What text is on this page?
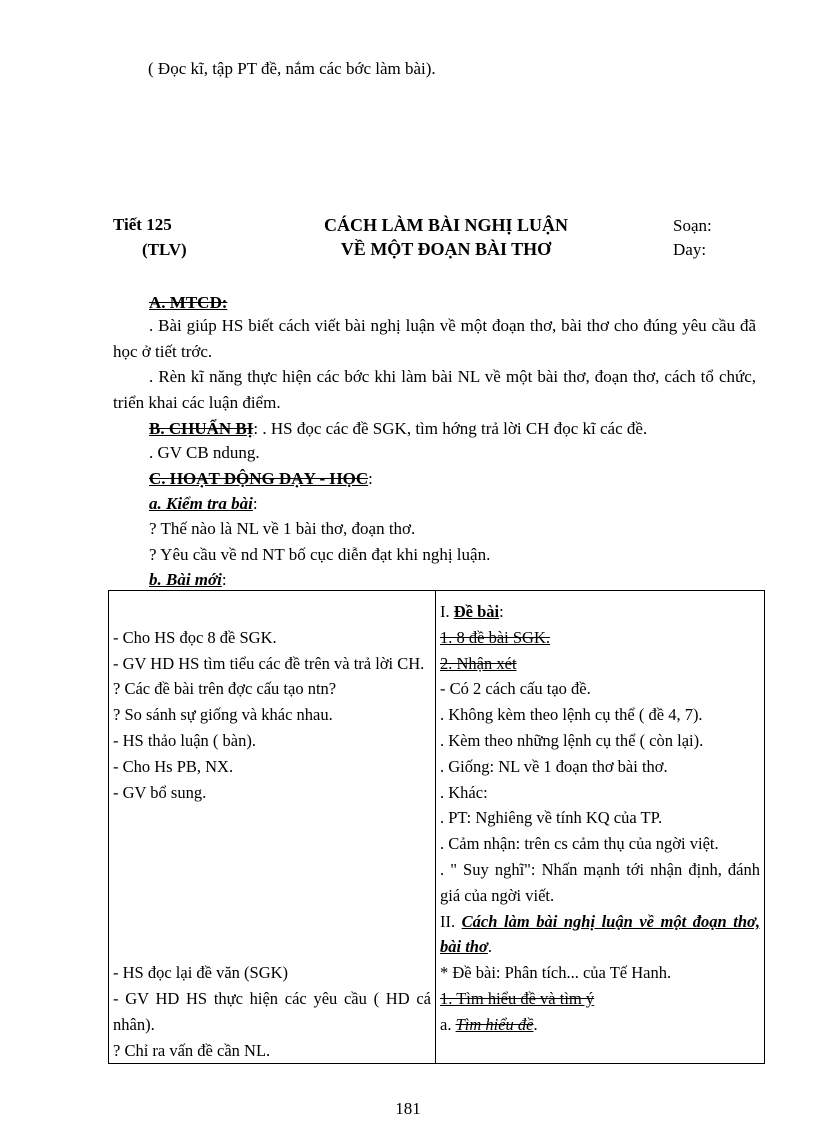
( Đọc kĩ, tập PT đề, nắm các bớc làm bài).
Tiết 125
(TLV)
CÁCH LÀM BÀI NGHỊ LUẬN
VỀ MỘT ĐOẠN BÀI THƠ
Soạn:
Day:
A. MTCĐ:
. Bài giúp HS biết cách viết bài nghị luận về một đoạn thơ, bài thơ cho đúng yêu cầu đã học ở tiết trớc.
. Rèn kĩ năng thực hiện các bớc khi làm bài NL về một bài thơ, đoạn thơ, cách tổ chức, triển khai các luận điểm.
B. CHUẨN BỊ: . HS đọc các đề SGK, tìm hớng trả lời CH đọc kĩ các đề.
. GV CB ndung.
C. HOẠT ĐỘNG DẠY - HỌC:
a. Kiểm tra bài:
? Thế nào là NL về 1 bài thơ, đoạn thơ.
? Yêu cầu về nd NT bố cục diễn đạt khi nghị luận.
b. Bài mới:
- Cho HS đọc 8 đề SGK.
- GV HD HS tìm tiểu các đề trên và trả lời CH.
? Các đề bài trên đợc cấu tạo ntn?
? So sánh sự giống và khác nhau.
- HS thảo luận ( bàn).
- Cho Hs PB, NX.
- GV bổ sung.
- HS đọc lại đề văn (SGK)
- GV HD HS thực hiện các yêu cầu ( HD cá nhân).
? Chỉ ra vấn đề cần NL.

I. Đề bài:
1. 8 đề bài SGK.
2. Nhận xét
- Có 2 cách cấu tạo đề.
. Không kèm theo lệnh cụ thể ( đề 4, 7).
. Kèm theo những lệnh cụ thể ( còn lại).
. Giống: NL về 1 đoạn thơ bài thơ.
. Khác:
. PT: Nghiêng về tính KQ của TP.
. Cảm nhận: trên cs cảm thụ của ngời việt.
. " Suy nghĩ": Nhấn mạnh tới nhận định, đánh giá của ngời viết.
II. Cách làm bài nghị luận về một đoạn thơ, bài thơ.
* Đề bài: Phân tích... của Tế Hanh.
1. Tìm hiểu đề và tìm ý
a. Tìm hiểu đề.
181
